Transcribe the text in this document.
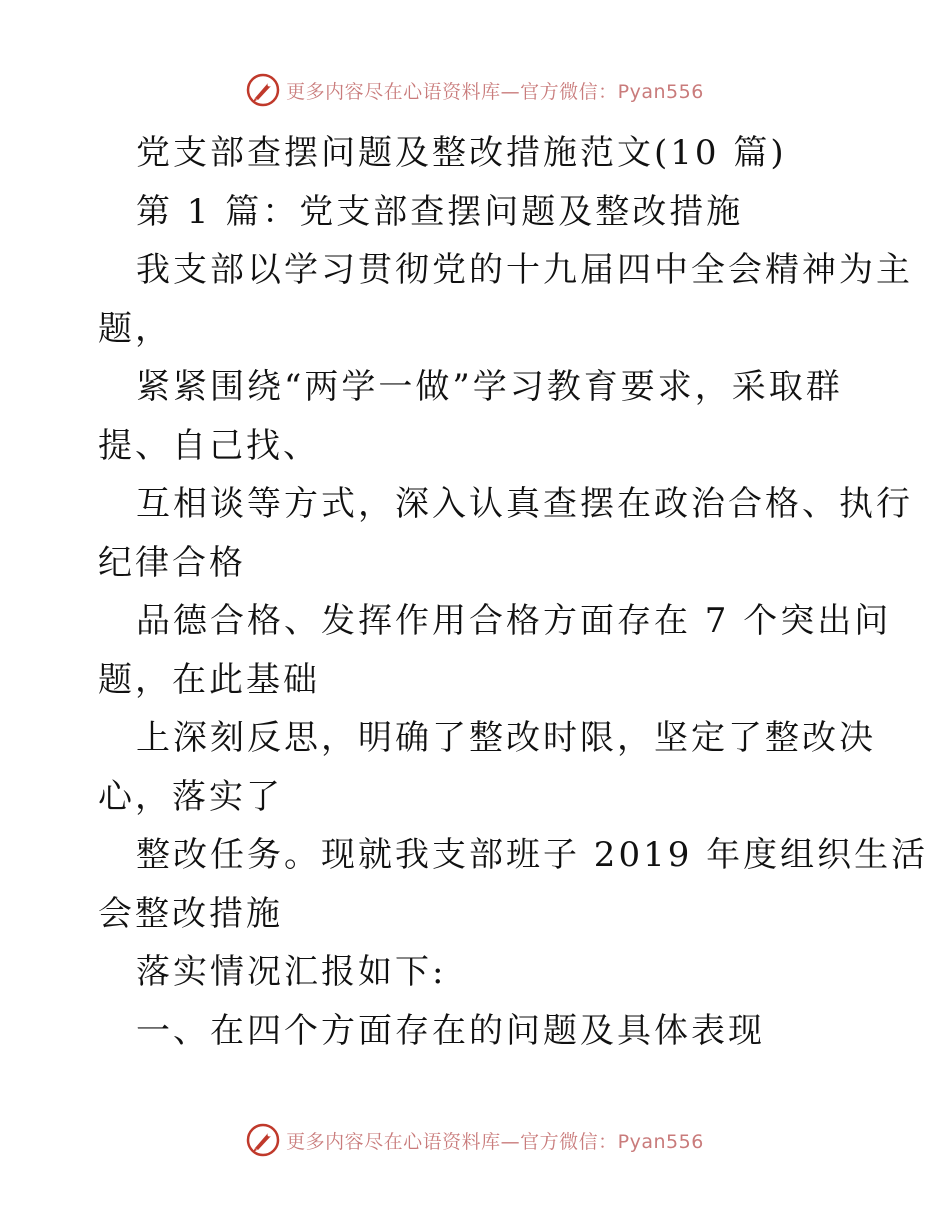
更多内容尽在心语资料库—官方微信：Pyan556
党支部查摆问题及整改措施范文(10 篇)
第 1 篇：党支部查摆问题及整改措施
我支部以学习贯彻党的十九届四中全会精神为主
题，
紧紧围绕“两学一做”学习教育要求，采取群
提、自己找、
互相谈等方式，深入认真查摆在政治合格、执行
纪律合格
品德合格、发挥作用合格方面存在 7 个突出问
题，在此基础
上深刻反思，明确了整改时限，坚定了整改决
心，落实了
整改任务。现就我支部班子 2019 年度组织生活
会整改措施
落实情况汇报如下:
一、在四个方面存在的问题及具体表现
更多内容尽在心语资料库—官方微信：Pyan556
